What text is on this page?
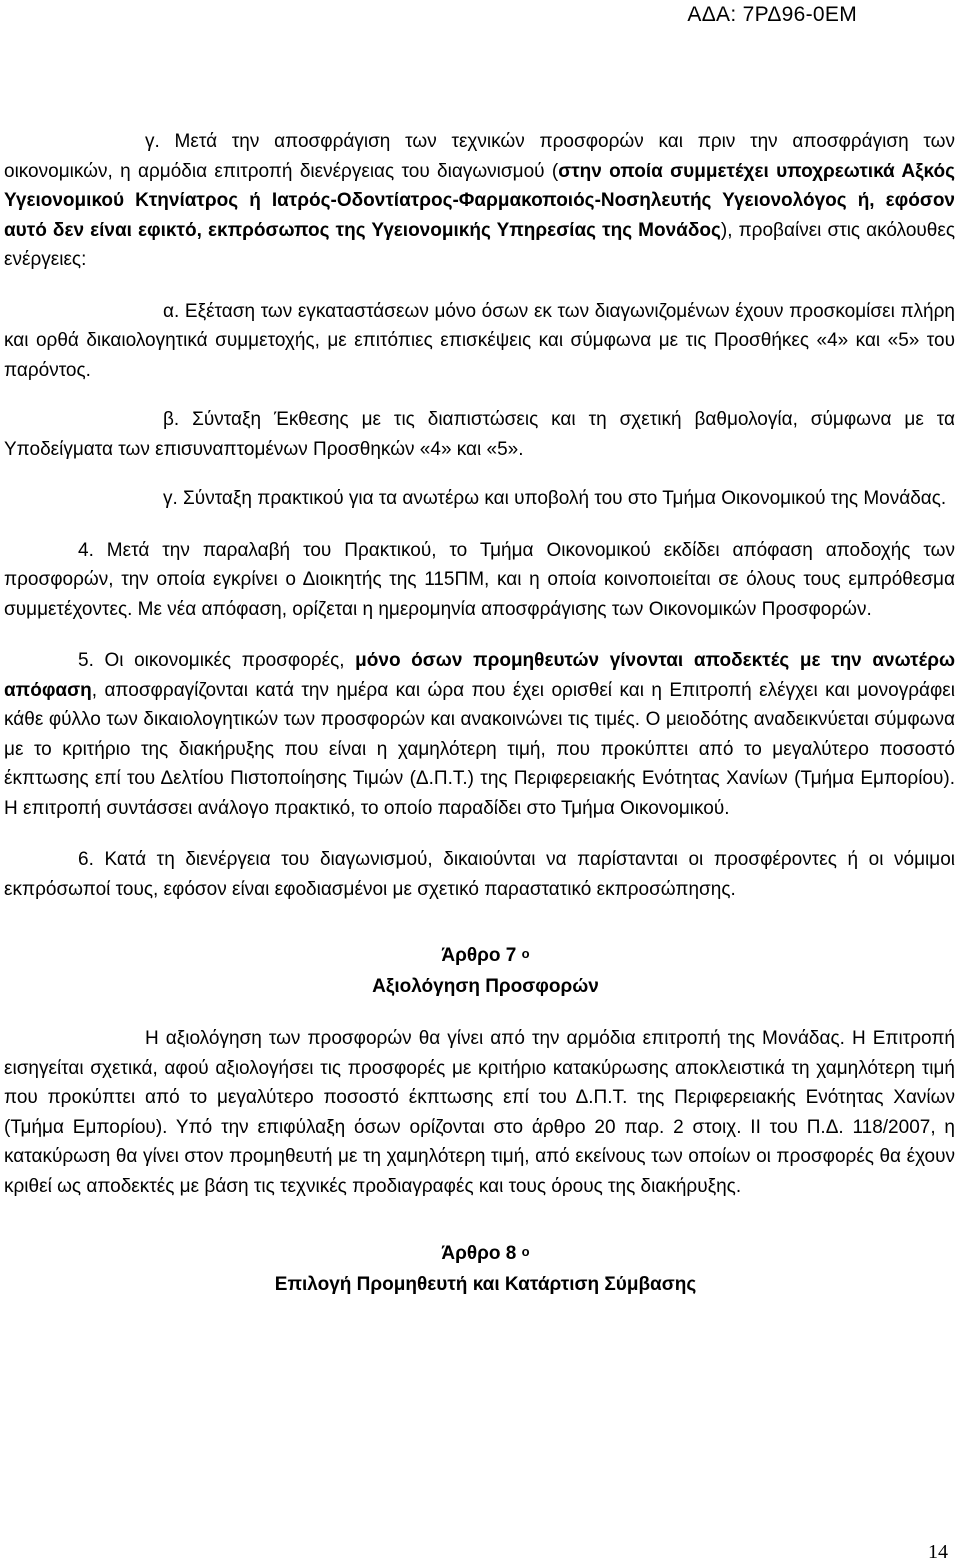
ΑΔΑ: 7ΡΔ96-0ΕΜ

γ. Μετά την αποσφράγιση των τεχνικών προσφορών και πριν την αποσφράγιση των οικονομικών, η αρμόδια επιτροπή διενέργειας του διαγωνισμού (στην οποία συμμετέχει υποχρεωτικά Αξκός Υγειονομικού Κτηνίατρος ή Ιατρός-Οδοντίατρος-Φαρμακοποιός-Νοσηλευτής Υγειονολόγος ή, εφόσον αυτό δεν είναι εφικτό, εκπρόσωπος της Υγειονομικής Υπηρεσίας της Μονάδος), προβαίνει στις ακόλουθες ενέργειες:

α. Εξέταση των εγκαταστάσεων μόνο όσων εκ των διαγωνιζομένων έχουν προσκομίσει πλήρη και ορθά δικαιολογητικά συμμετοχής, με επιτόπιες επισκέψεις και σύμφωνα με τις Προσθήκες «4» και «5» του παρόντος.

β. Σύνταξη Έκθεσης με τις διαπιστώσεις και τη σχετική βαθμολογία, σύμφωνα με τα Υποδείγματα των επισυναπτομένων Προσθηκών «4» και «5».

γ. Σύνταξη πρακτικού για τα ανωτέρω και υποβολή του στο Τμήμα Οικονομικού της Μονάδας.

4. Μετά την παραλαβή του Πρακτικού, το Τμήμα Οικονομικού εκδίδει απόφαση αποδοχής των προσφορών, την οποία εγκρίνει ο Διοικητής της 115ΠΜ, και η οποία κοινοποιείται σε όλους τους εμπρόθεσμα συμμετέχοντες. Με νέα απόφαση, ορίζεται η ημερομηνία αποσφράγισης των Οικονομικών Προσφορών.

5. Οι οικονομικές προσφορές, μόνο όσων προμηθευτών γίνονται αποδεκτές με την ανωτέρω απόφαση, αποσφραγίζονται κατά την ημέρα και ώρα που έχει ορισθεί και η Επιτροπή ελέγχει και μονογράφει κάθε φύλλο των δικαιολογητικών των προσφορών και ανακοινώνει τις τιμές. Ο μειοδότης αναδεικνύεται σύμφωνα με το κριτήριο της διακήρυξης που είναι η χαμηλότερη τιμή, που προκύπτει από το μεγαλύτερο ποσοστό έκπτωσης επί του Δελτίου Πιστοποίησης Τιμών (Δ.Π.Τ.) της Περιφερειακής Ενότητας Χανίων (Τμήμα Εμπορίου). Η επιτροπή συντάσσει ανάλογο πρακτικό, το οποίο παραδίδει στο Τμήμα Οικονομικού.

6. Κατά τη διενέργεια του διαγωνισμού, δικαιούνται να παρίστανται οι προσφέροντες ή οι νόμιμοι εκπρόσωποί τους, εφόσον είναι εφοδιασμένοι με σχετικό παραστατικό εκπροσώπησης.

Άρθρο 7 $^o$

Αξιολόγηση Προσφορών

Η αξιολόγηση των προσφορών θα γίνει από την αρμόδια επιτροπή της Μονάδας. Η Επιτροπή εισηγείται σχετικά, αφού αξιολογήσει τις προσφορές με κριτήριο κατακύρωσης αποκλειστικά τη χαμηλότερη τιμή που προκύπτει από το μεγαλύτερο ποσοστό έκπτωσης επί του Δ.Π.Τ. της Περιφερειακής Ενότητας Χανίων (Τμήμα Εμπορίου). Υπό την επιφύλαξη όσων ορίζονται στο άρθρο 20 παρ. 2 στοιχ. ΙΙ του Π.Δ. 118/2007, η κατακύρωση θα γίνει στον προμηθευτή με τη χαμηλότερη τιμή, από εκείνους των οποίων οι προσφορές θα έχουν κριθεί ως αποδεκτές με βάση τις τεχνικές προδιαγραφές και τους όρους της διακήρυξης.

Άρθρο 8 $^o$

Επιλογή Προμηθευτή και Κατάρτιση Σύμβασης

14
